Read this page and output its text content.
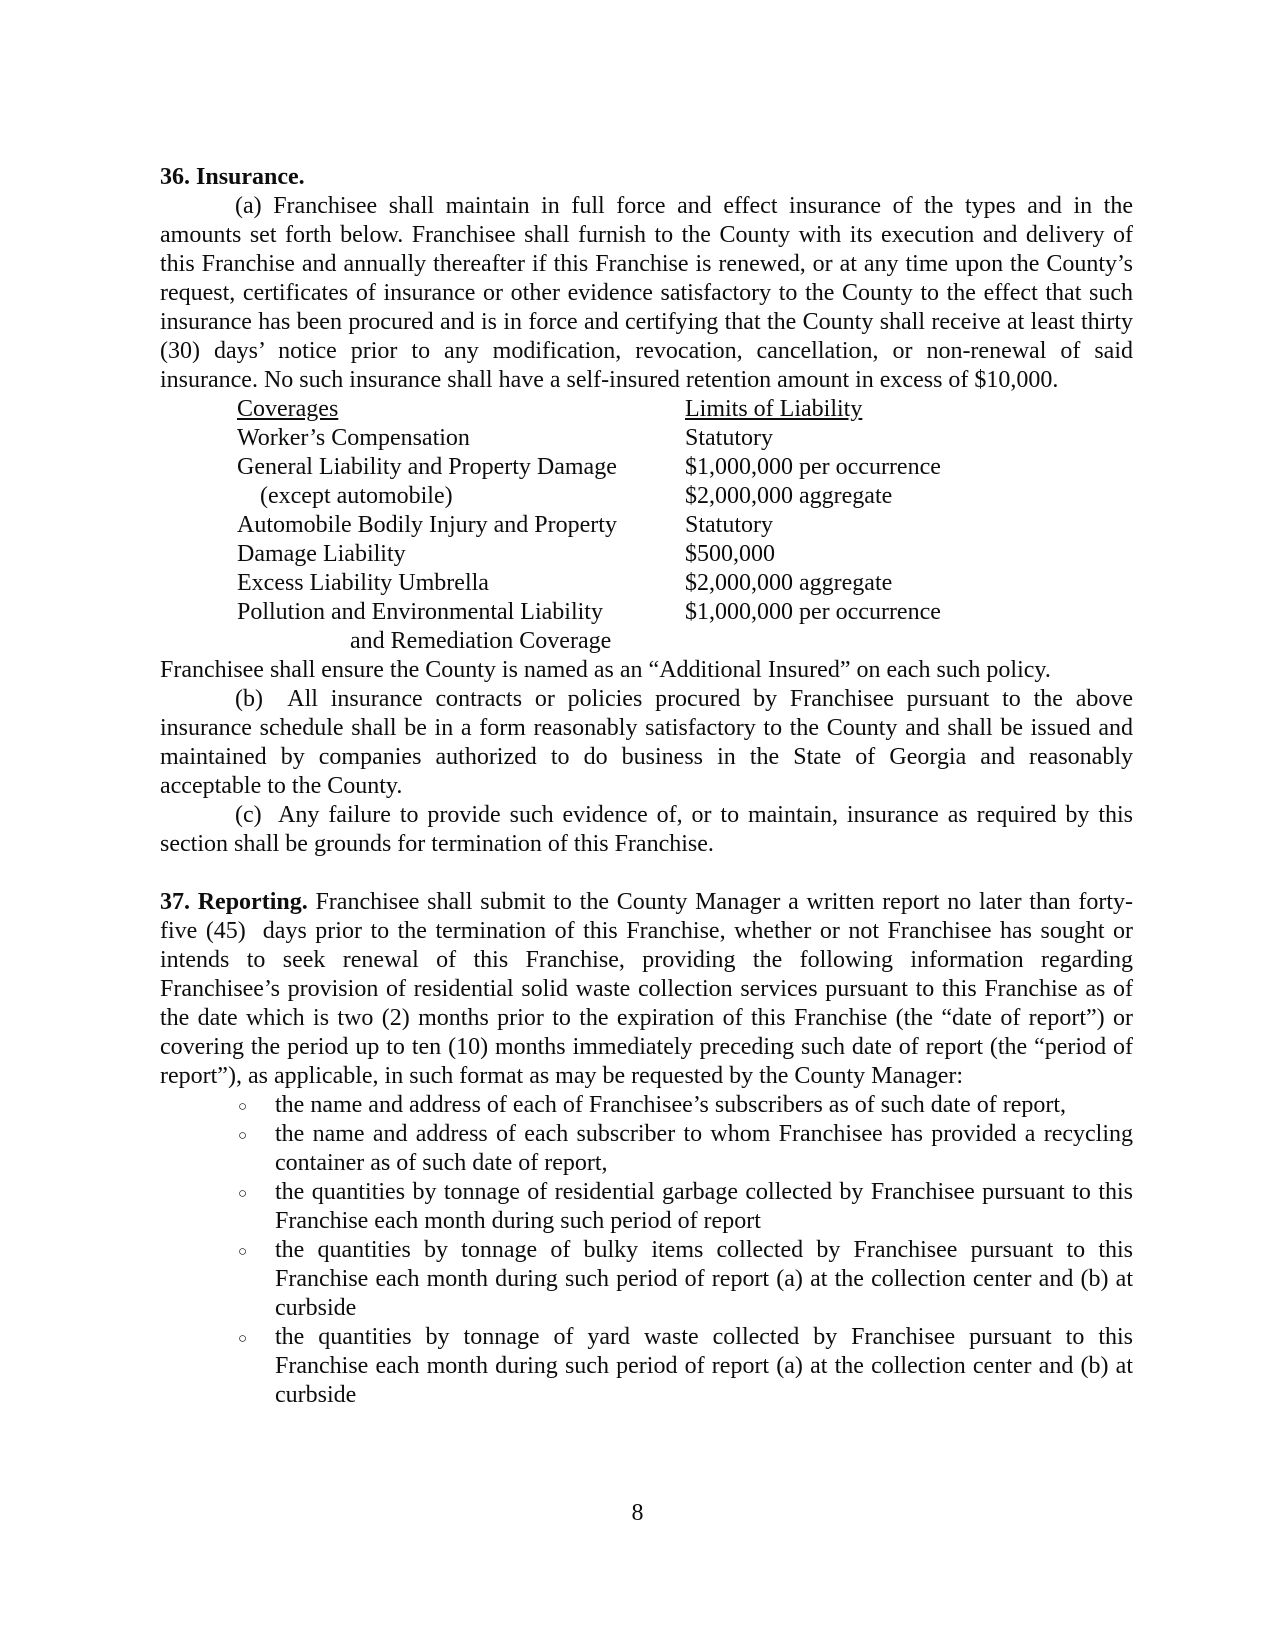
36. Insurance.

(a) Franchisee shall maintain in full force and effect insurance of the types and in the amounts set forth below. Franchisee shall furnish to the County with its execution and delivery of this Franchise and annually thereafter if this Franchise is renewed, or at any time upon the County’s request, certificates of insurance or other evidence satisfactory to the County to the effect that such insurance has been procured and is in force and certifying that the County shall receive at least thirty (30) days’ notice prior to any modification, revocation, cancellation, or non-renewal of said insurance. No such insurance shall have a self-insured retention amount in excess of $10,000.

Coverages	Limits of Liability
Worker’s Compensation	Statutory
General Liability and Property Damage	$1,000,000 per occurrence
(except automobile)	$2,000,000 aggregate
Automobile Bodily Injury and Property	Statutory
Damage Liability	$500,000
Excess Liability Umbrella	$2,000,000 aggregate
Pollution and Environmental Liability	$1,000,000 per occurrence
and Remediation Coverage

Franchisee shall ensure the County is named as an “Additional Insured” on each such policy.

(b)  All insurance contracts or policies procured by Franchisee pursuant to the above insurance schedule shall be in a form reasonably satisfactory to the County and shall be issued and maintained by companies authorized to do business in the State of Georgia and reasonably acceptable to the County.

(c)  Any failure to provide such evidence of, or to maintain, insurance as required by this section shall be grounds for termination of this Franchise.

37. Reporting. Franchisee shall submit to the County Manager a written report no later than forty-five (45)  days prior to the termination of this Franchise, whether or not Franchisee has sought or intends to seek renewal of this Franchise, providing the following information regarding Franchisee’s provision of residential solid waste collection services pursuant to this Franchise as of the date which is two (2) months prior to the expiration of this Franchise (the “date of report”) or covering the period up to ten (10) months immediately preceding such date of report (the “period of report”), as applicable, in such format as may be requested by the County Manager:

○ the name and address of each of Franchisee’s subscribers as of such date of report,
○ the name and address of each subscriber to whom Franchisee has provided a recycling container as of such date of report,
○ the quantities by tonnage of residential garbage collected by Franchisee pursuant to this Franchise each month during such period of report
○ the quantities by tonnage of bulky items collected by Franchisee pursuant to this Franchise each month during such period of report (a) at the collection center and (b) at curbside
○ the quantities by tonnage of yard waste collected by Franchisee pursuant to this Franchise each month during such period of report (a) at the collection center and (b) at curbside
8
